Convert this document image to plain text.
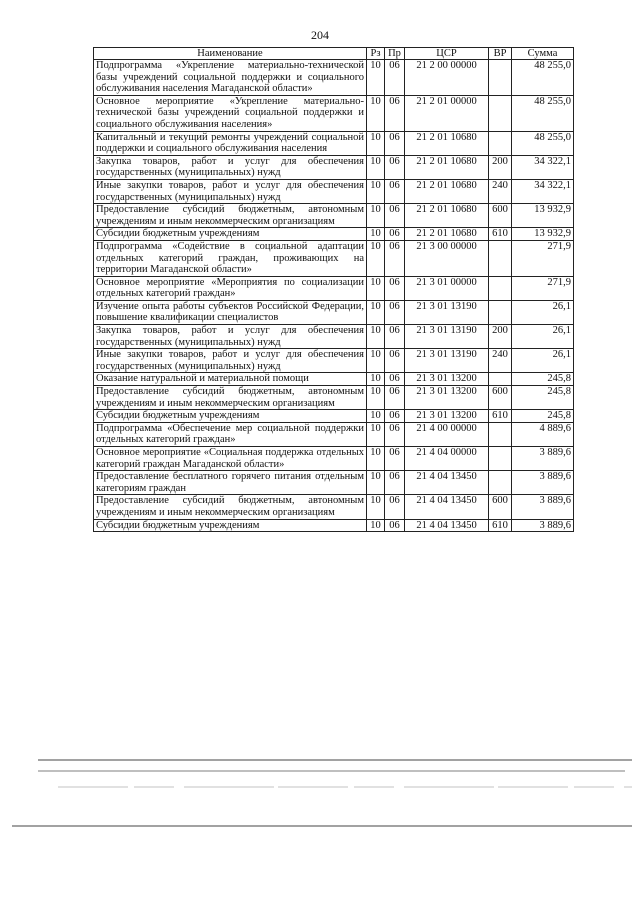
204
Наименование	Рз	Пр	ЦСР	ВР	Сумма
Подпрограмма «Укрепление материально-технической базы учреждений социальной поддержки и социального обслуживания населения Магаданской области»	10	06	21 2 00 00000		48 255,0
Основное мероприятие «Укрепление материально-технической базы учреждений социальной поддержки и социального обслуживания населения»	10	06	21 2 01 00000		48 255,0
Капитальный и текущий ремонты учреждений социальной поддержки и социального обслуживания населения	10	06	21 2 01 10680		48 255,0
Закупка товаров, работ и услуг для обеспечения государственных (муниципальных) нужд	10	06	21 2 01 10680	200	34 322,1
Иные закупки товаров, работ и услуг для обеспечения государственных (муниципальных) нужд	10	06	21 2 01 10680	240	34 322,1
Предоставление субсидий бюджетным, автономным учреждениям и иным некоммерческим организациям	10	06	21 2 01 10680	600	13 932,9
Субсидии бюджетным учреждениям	10	06	21 2 01 10680	610	13 932,9
Подпрограмма «Содействие в социальной адаптации отдельных категорий граждан, проживающих на территории Магаданской области»	10	06	21 3 00 00000		271,9
Основное мероприятие «Мероприятия по социализации отдельных категорий граждан»	10	06	21 3 01 00000		271,9
Изучение опыта работы субъектов Российской Федерации, повышение квалификации специалистов	10	06	21 3 01 13190		26,1
Закупка товаров, работ и услуг для обеспечения государственных (муниципальных) нужд	10	06	21 3 01 13190	200	26,1
Иные закупки товаров, работ и услуг для обеспечения государственных (муниципальных) нужд	10	06	21 3 01 13190	240	26,1
Оказание натуральной и материальной помощи	10	06	21 3 01 13200		245,8
Предоставление субсидий бюджетным, автономным учреждениям и иным некоммерческим организациям	10	06	21 3 01 13200	600	245,8
Субсидии бюджетным учреждениям	10	06	21 3 01 13200	610	245,8
Подпрограмма «Обеспечение мер социальной поддержки отдельных категорий граждан»	10	06	21 4 00 00000		4 889,6
Основное мероприятие «Социальная поддержка отдельных категорий граждан Магаданской области»	10	06	21 4 04 00000		3 889,6
Предоставление бесплатного горячего питания отдельным категориям граждан	10	06	21 4 04 13450		3 889,6
Предоставление субсидий бюджетным, автономным учреждениям и иным некоммерческим организациям	10	06	21 4 04 13450	600	3 889,6
Субсидии бюджетным учреждениям	10	06	21 4 04 13450	610	3 889,6
